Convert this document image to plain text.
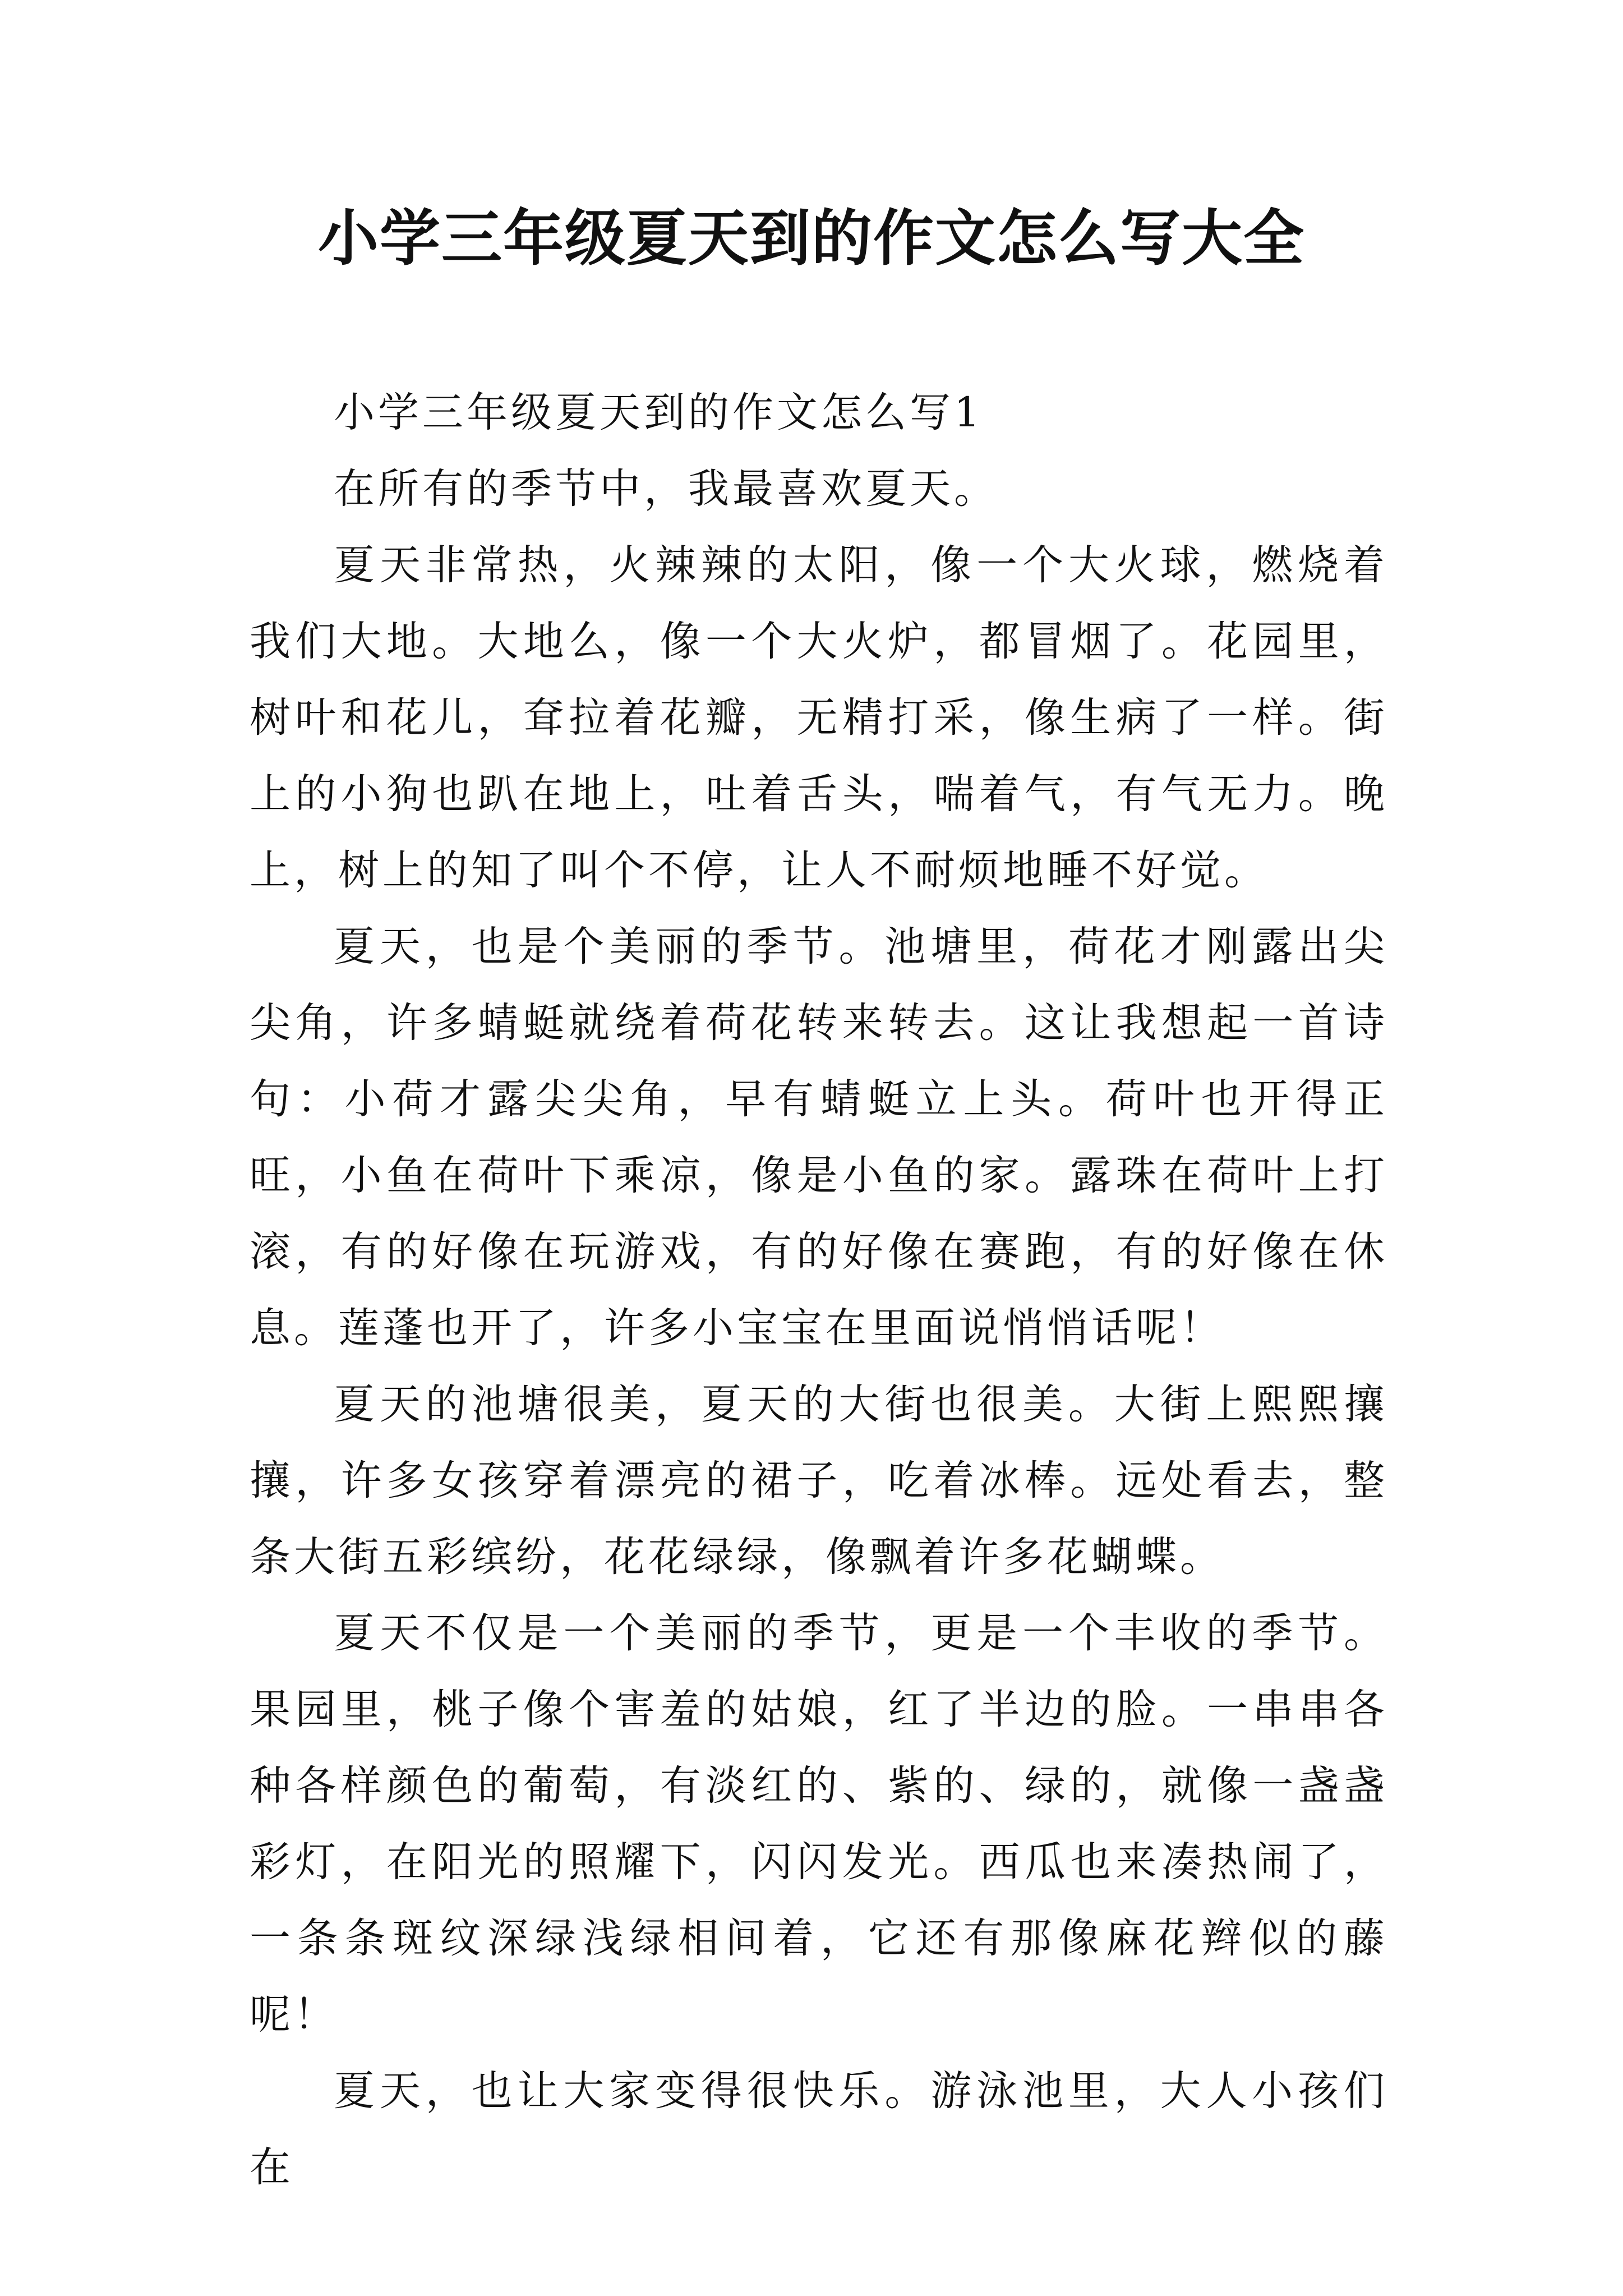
小学三年级夏天到的作文怎么写大全

小学三年级夏天到的作文怎么写1

在所有的季节中，我最喜欢夏天。

夏天非常热，火辣辣的太阳，像一个大火球，燃烧着我们大地。大地么，像一个大火炉，都冒烟了。花园里，树叶和花儿，耷拉着花瓣，无精打采，像生病了一样。街上的小狗也趴在地上，吐着舌头，喘着气，有气无力。晚上，树上的知了叫个不停，让人不耐烦地睡不好觉。

夏天，也是个美丽的季节。池塘里，荷花才刚露出尖尖角，许多蜻蜓就绕着荷花转来转去。这让我想起一首诗句：小荷才露尖尖角，早有蜻蜓立上头。荷叶也开得正旺，小鱼在荷叶下乘凉，像是小鱼的家。露珠在荷叶上打滚，有的好像在玩游戏，有的好像在赛跑，有的好像在休息。莲蓬也开了，许多小宝宝在里面说悄悄话呢！

夏天的池塘很美，夏天的大街也很美。大街上熙熙攘攘，许多女孩穿着漂亮的裙子，吃着冰棒。远处看去，整条大街五彩缤纷，花花绿绿，像飘着许多花蝴蝶。

夏天不仅是一个美丽的季节，更是一个丰收的季节。果园里，桃子像个害羞的姑娘，红了半边的脸。一串串各种各样颜色的葡萄，有淡红的、紫的、绿的，就像一盏盏彩灯，在阳光的照耀下，闪闪发光。西瓜也来凑热闹了，一条条斑纹深绿浅绿相间着，它还有那像麻花辫似的藤呢！

夏天，也让大家变得很快乐。游泳池里，大人小孩们在
